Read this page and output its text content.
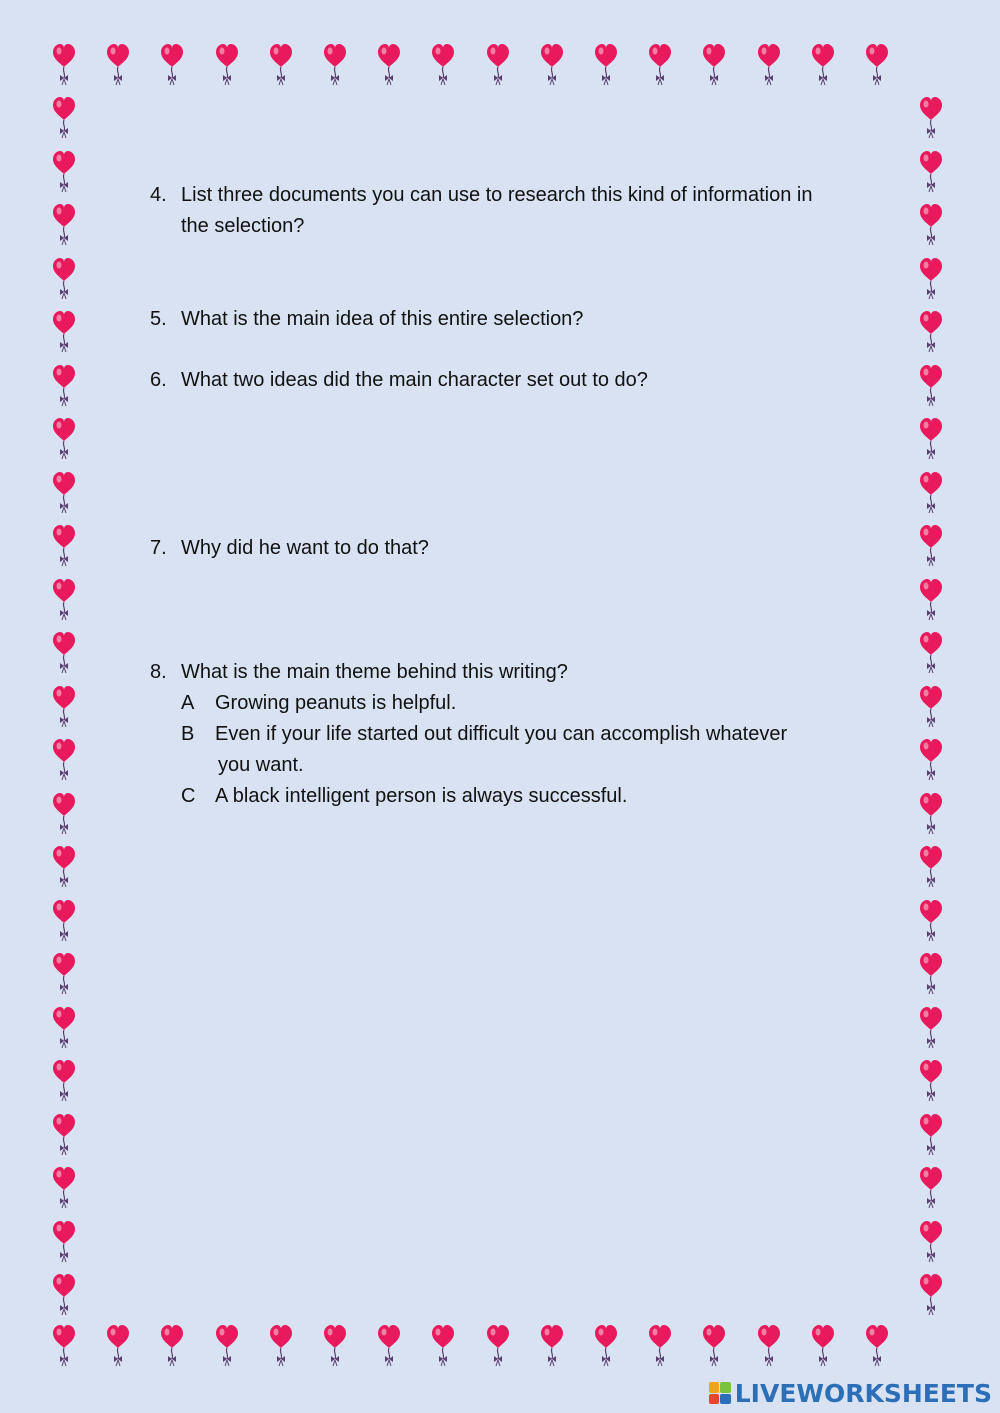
4. List three documents you can use to research this kind of information in
the selection?
5. What is the main idea of this entire selection?
6. What two ideas did the main character set out to do?
7. Why did he want to do that?
8. What is the main theme behind this writing?
A Growing peanuts is helpful.
B Even if your life started out difficult you can accomplish whatever
you want.
C A black intelligent person is always successful.
LIVEWORKSHEETS
